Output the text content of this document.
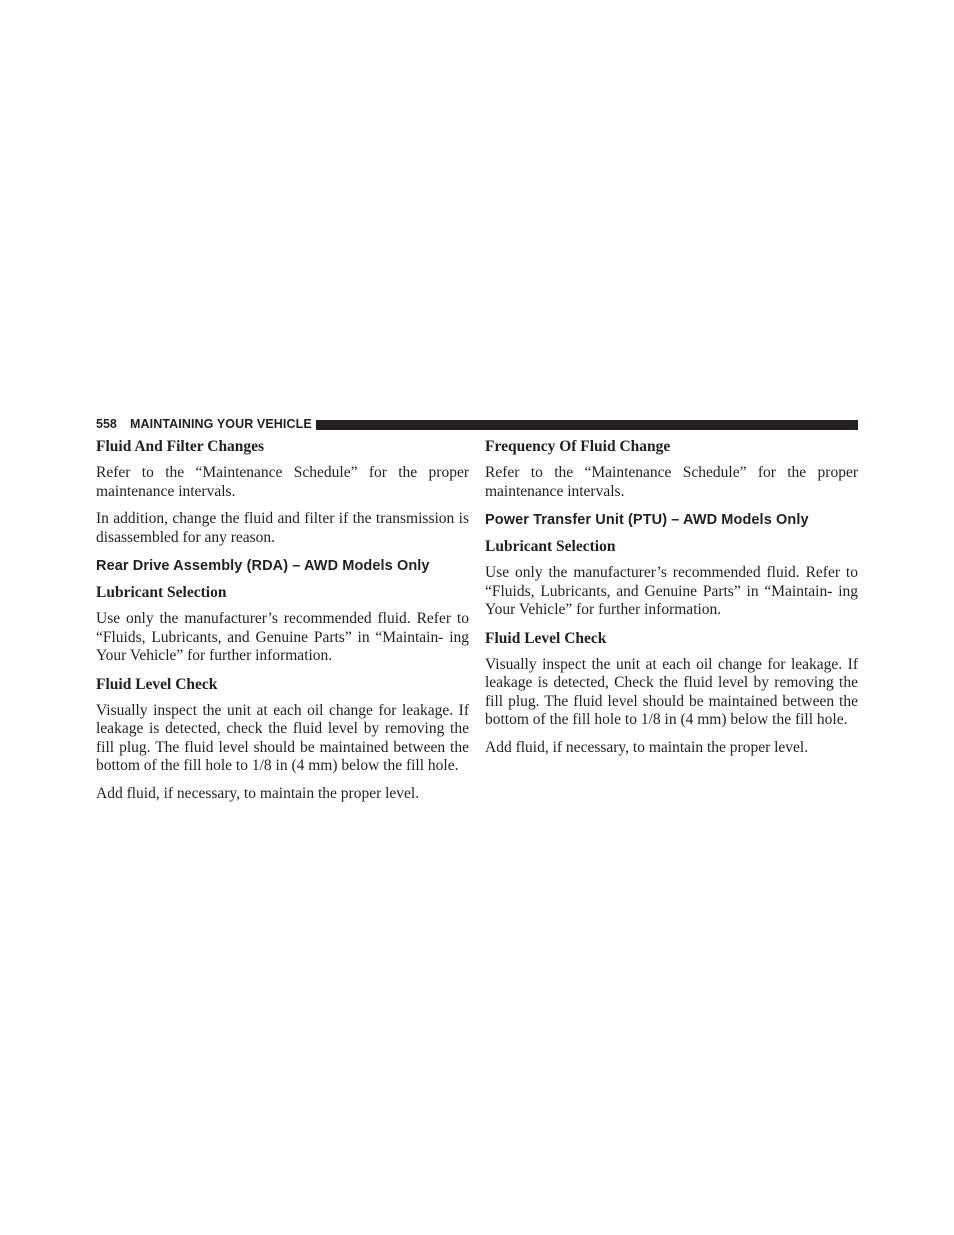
558 MAINTAINING YOUR VEHICLE
Fluid And Filter Changes

Refer to the “Maintenance Schedule” for the proper maintenance intervals.

In addition, change the fluid and filter if the transmission is disassembled for any reason.

Rear Drive Assembly (RDA) – AWD Models Only
Lubricant Selection

Use only the manufacturer’s recommended fluid. Refer to “Fluids, Lubricants, and Genuine Parts” in “Maintain- ing Your Vehicle” for further information.

Fluid Level Check

Visually inspect the unit at each oil change for leakage. If leakage is detected, check the fluid level by removing the fill plug. The fluid level should be maintained between the bottom of the fill hole to 1/8 in (4 mm) below the fill hole.

Add fluid, if necessary, to maintain the proper level.

Frequency Of Fluid Change

Refer to the “Maintenance Schedule” for the proper maintenance intervals.

Power Transfer Unit (PTU) – AWD Models Only
Lubricant Selection

Use only the manufacturer’s recommended fluid. Refer to “Fluids, Lubricants, and Genuine Parts” in “Maintain- ing Your Vehicle” for further information.

Fluid Level Check

Visually inspect the unit at each oil change for leakage. If leakage is detected, Check the fluid level by removing the fill plug. The fluid level should be maintained between the bottom of the fill hole to 1/8 in (4 mm) below the fill hole.

Add fluid, if necessary, to maintain the proper level.
